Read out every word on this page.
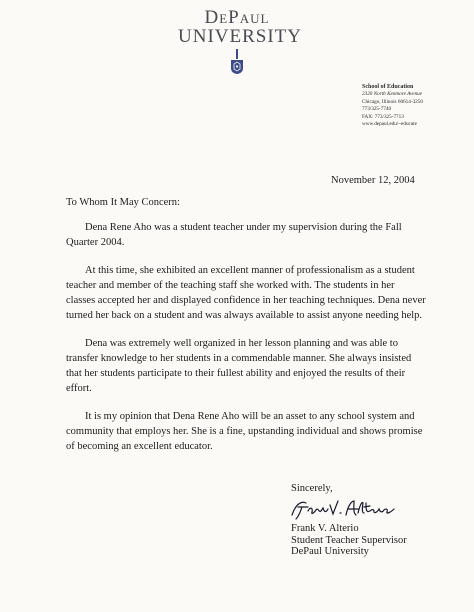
DePaul
UNIVERSITY
School of Education
2320 North Kenmore Avenue
Chicago, Illinois 60614-3250
773/325-7740
FAX: 773/325-7713
www.depaul.edu/~educate
November 12, 2004
To Whom It May Concern:

Dena Rene Aho was a student teacher under my supervision during the Fall Quarter 2004.

At this time, she exhibited an excellent manner of professionalism as a student teacher and member of the teaching staff she worked with. The students in her classes accepted her and displayed confidence in her teaching techniques. Dena never turned her back on a student and was always available to assist anyone needing help.

Dena was extremely well organized in her lesson planning and was able to transfer knowledge to her students in a commendable manner. She always insisted that her students participate to their fullest ability and enjoyed the results of their effort.

It is my opinion that Dena Rene Aho will be an asset to any school system and community that employs her. She is a fine, upstanding individual and shows promise of becoming an excellent educator.

Sincerely,
Frank V. Alterio
Student Teacher Supervisor
DePaul University
